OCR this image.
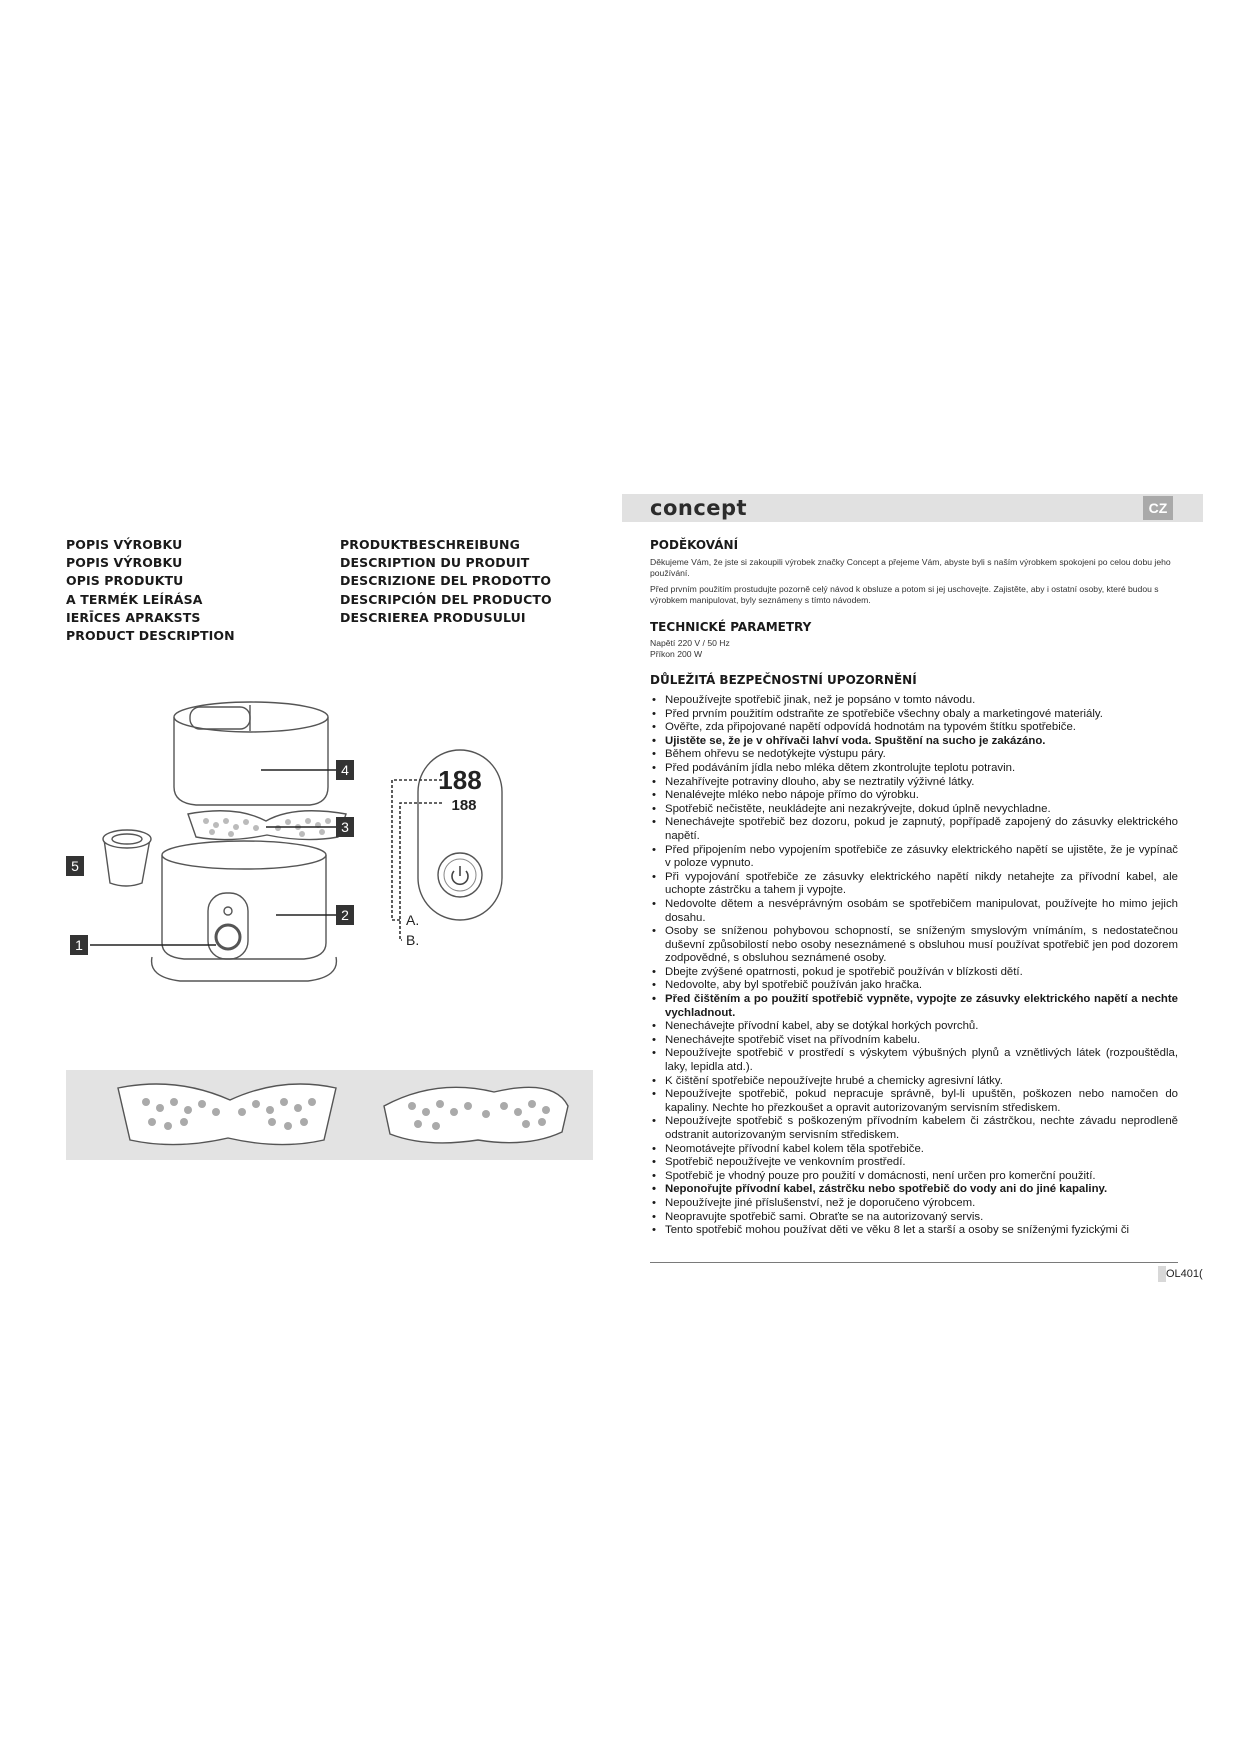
POPIS VÝROBKU
POPIS VÝROBKU
OPIS PRODUKTU
A TERMÉK LEÍRÁSA
IERĪCES APRAKSTS
PRODUCT DESCRIPTION
PRODUKTBESCHREIBUNG
DESCRIPTION DU PRODUIT
DESCRIZIONE DEL PRODOTTO
DESCRIPCIÓN DEL PRODUCTO
DESCRIEREA PRODUSULUI
4
3
2
5
1
188
188
A.
B.
concept	CZ
PODĚKOVÁNÍ
Děkujeme Vám, že jste si zakoupili výrobek značky Concept a přejeme Vám, abyste byli s naším výrobkem spokojeni po celou dobu jeho používání.
Před prvním použitím prostudujte pozorně celý návod k obsluze a potom si jej uschovejte. Zajistěte, aby i ostatní osoby, které budou s výrobkem manipulovat, byly seznámeny s tímto návodem.
TECHNICKÉ PARAMETRY
Napětí 220 V / 50 Hz
Příkon 200 W
DŮLEŽITÁ BEZPEČNOSTNÍ UPOZORNĚNÍ
• Nepoužívejte spotřebič jinak, než je popsáno v tomto návodu.
• Před prvním použitím odstraňte ze spotřebiče všechny obaly a marketingové materiály.
• Ověřte, zda připojované napětí odpovídá hodnotám na typovém štítku spotřebiče.
• Ujistěte se, že je v ohřívači lahví voda. Spuštění na sucho je zakázáno.
• Během ohřevu se nedotýkejte výstupu páry.
• Před podáváním jídla nebo mléka dětem zkontrolujte teplotu potravin.
• Nezahřívejte potraviny dlouho, aby se neztratily výživné látky.
• Nenalévejte mléko nebo nápoje přímo do výrobku.
• Spotřebič nečistěte, neukládejte ani nezakrývejte, dokud úplně nevychladne.
• Nenechávejte spotřebič bez dozoru, pokud je zapnutý, popřípadě zapojený do zásuvky elektrického napětí.
• Před připojením nebo vypojením spotřebiče ze zásuvky elektrického napětí se ujistěte, že je vypínač v poloze vypnuto.
• Při vypojování spotřebiče ze zásuvky elektrického napětí nikdy netahejte za přívodní kabel, ale uchopte zástrčku a tahem ji vypojte.
• Nedovolte dětem a nesvéprávným osobám se spotřebičem manipulovat, používejte ho mimo jejich dosahu.
• Osoby se sníženou pohybovou schopností, se sníženým smyslovým vnímáním, s nedostatečnou duševní způsobilostí nebo osoby neseznámené s obsluhou musí používat spotřebič jen pod dozorem zodpovědné, s obsluhou seznámené osoby.
• Dbejte zvýšené opatrnosti, pokud je spotřebič používán v blízkosti dětí.
• Nedovolte, aby byl spotřebič používán jako hračka.
• Před čištěním a po použití spotřebič vypněte, vypojte ze zásuvky elektrického napětí a nechte vychladnout.
• Nenechávejte přívodní kabel, aby se dotýkal horkých povrchů.
• Nenechávejte spotřebič viset na přívodním kabelu.
• Nepoužívejte spotřebič v prostředí s výskytem výbušných plynů a vznětlivých látek (rozpouštědla, laky, lepidla atd.).
• K čištění spotřebiče nepoužívejte hrubé a chemicky agresivní látky.
• Nepoužívejte spotřebič, pokud nepracuje správně, byl-li upuštěn, poškozen nebo namočen do kapaliny. Nechte ho přezkoušet a opravit autorizovaným servisním střediskem.
• Nepoužívejte spotřebič s poškozeným přívodním kabelem či zástrčkou, nechte závadu neprodleně odstranit autorizovaným servisním střediskem.
• Neomotávejte přívodní kabel kolem těla spotřebiče.
• Spotřebič nepoužívejte ve venkovním prostředí.
• Spotřebič je vhodný pouze pro použití v domácnosti, není určen pro komerční použití.
• Neponořujte přívodní kabel, zástrčku nebo spotřebič do vody ani do jiné kapaliny.
• Nepoužívejte jiné příslušenství, než je doporučeno výrobcem.
• Neopravujte spotřebič sami. Obraťte se na autorizovaný servis.
• Tento spotřebič mohou používat děti ve věku 8 let a starší a osoby se sníženými fyzickými či
OL401(
